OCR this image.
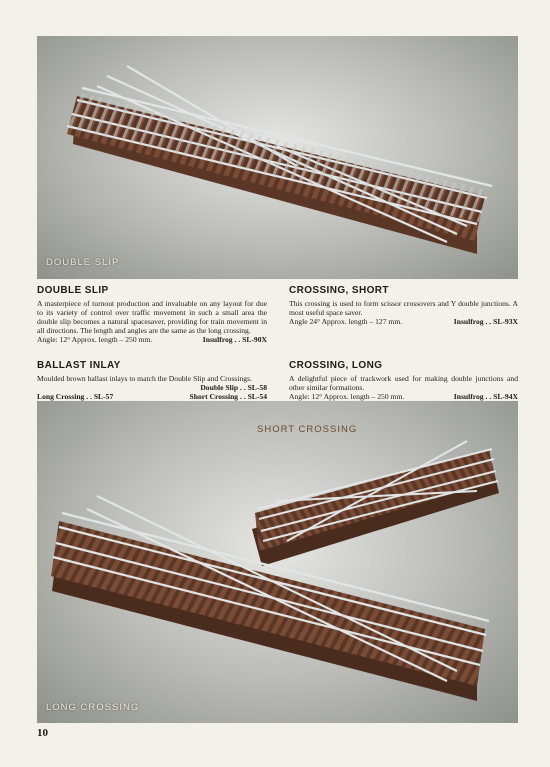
DOUBLE SLIP
DOUBLE SLIP
A masterpiece of turnout production and invaluable on any layout for due to its variety of control over traffic movement in such a small area the double slip becomes a natural spacesaver, providing for train movement in all directions. The length and angles are the same as the long crossing.
Angle: 12° Approx. length – 250 mm.	Insulfrog . . SL-90X
BALLAST INLAY
Moulded brown ballast inlays to match the Double Slip and Crossings.
Double Slip . . SL-58
Long Crossing . . SL-57	Short Crossing . . SL-54
CROSSING, SHORT
This crossing is used to form scissor crossovers and Y double junctions. A most useful space saver.
Angle 24° Approx. length – 127 mm.	Insulfrog . . SL-93X
CROSSING, LONG
A delightful piece of trackwork used for making double junctions and other similar formations.
Angle: 12° Approx. length – 250 mm.	Insulfrog . . SL-94X
SHORT CROSSING
LONG CROSSING
10
